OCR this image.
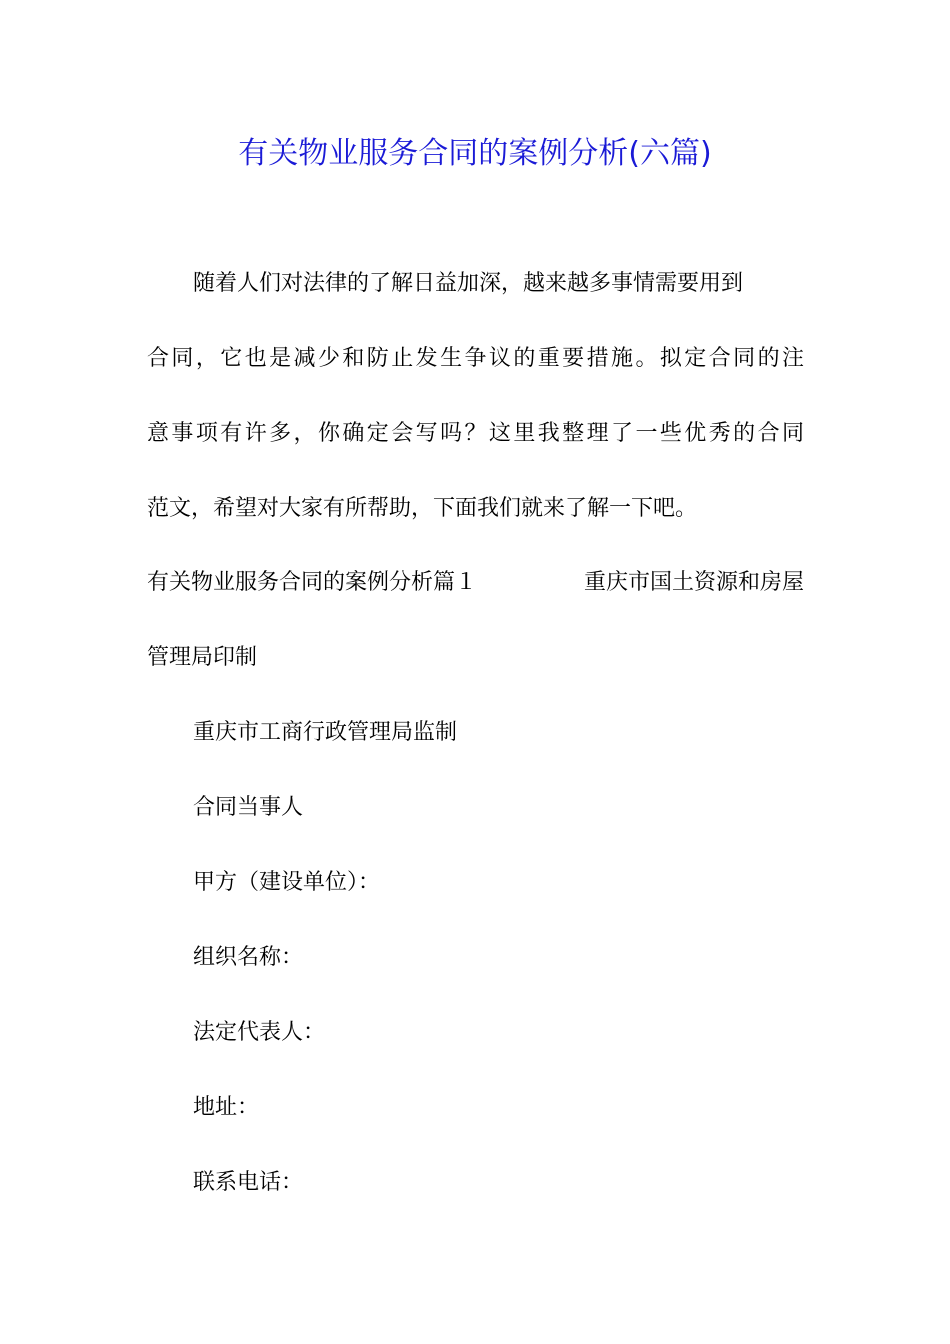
有关物业服务合同的案例分析(六篇)
随着人们对法律的了解日益加深，越来越多事情需要用到
合同，它也是减少和防止发生争议的重要措施。拟定合同的注
意事项有许多，你确定会写吗？这里我整理了一些优秀的合同
范文，希望对大家有所帮助，下面我们就来了解一下吧。
有关物业服务合同的案例分析篇１	重庆市国土资源和房屋
管理局印制
重庆市工商行政管理局监制
合同当事人
甲方（建设单位）：
组织名称：
法定代表人：
地址：
联系电话：
